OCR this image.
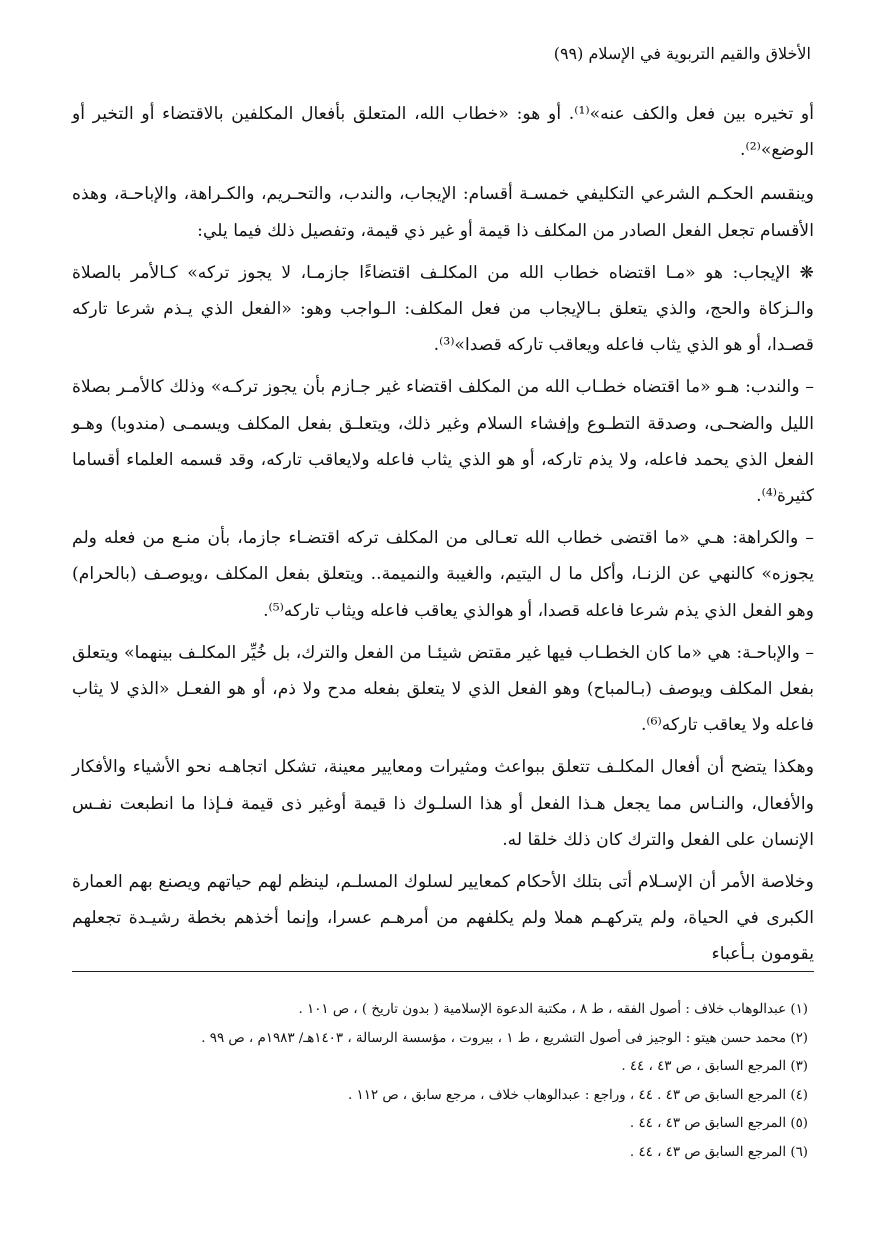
الأخلاق والقيم التربوية في الإسلام (٩٩)

أو تخيره بين فعل والكف عنه»⁽¹⁾. أو هو: «خطاب الله، المتعلق بأفعال المكلفين بالاقتضاء أو التخير أو الوضع»⁽²⁾.

وينقسم الحكـم الشرعي التكليفي خمسـة أقسام: الإيجاب، والندب، والتحـريم، والكـراهة، والإباحـة، وهذه الأقسام تجعل الفعل الصادر من المكلف ذا قيمة أو غير ذي قيمة، وتفصيل ذلك فيما يلي:

❋ الإيجاب: هو «مـا اقتضاه خطاب الله من المكلـف اقتضاءًا جازمـا، لا يجوز تركه» كـالأمر بالصلاة والـزكاة والحج، والذي يتعلق بـالإيجاب من فعل المكلف: الـواجب وهو: «الفعل الذي يـذم شرعا تاركه قصـدا، أو هو الذي يثاب فاعله ويعاقب تاركه قصدا»⁽³⁾.

– والندب: هـو «ما اقتضاه خطـاب الله من المكلف اقتضاء غير جـازم بأن يجوز تركـه» وذلك كالأمـر بصلاة الليل والضحـى، وصدقة التطـوع وإفشاء السلام وغير ذلك، ويتعلـق بفعل المكلف ويسمـى (مندوبا) وهـو الفعل الذي يحمد فاعله، ولا يذم تاركه، أو هو الذي يثاب فاعله ولايعاقب تاركه، وقد قسمه العلماء أقساما كثيرة⁽⁴⁾.

– والكراهة: هـي «ما اقتضى خطاب الله تعـالى من المكلف تركه اقتضـاء جازما، بأن منـع من فعله ولم يجوزه» كالنهي عن الزنـا، وأكل ما ل اليتيم، والغيبة والنميمة.. ويتعلق بفعل المكلف ،ويوصـف (بالحرام) وهو الفعل الذي يذم شرعا فاعله قصدا، أو هوالذي يعاقب فاعله ويثاب تاركه⁽⁵⁾.

– والإباحـة: هي «ما كان الخطـاب فيها غير مقتض شيئـا من الفعل والترك، بل خُيِّر المكلـف بينهما» ويتعلق بفعل المكلف ويوصف (بـالمباح) وهو الفعل الذي لا يتعلق بفعله مدح ولا ذم، أو هو الفعـل «الذي لا يثاب فاعله ولا يعاقب تاركه⁽⁶⁾.

وهكذا يتضح أن أفعال المكلـف تتعلق ببواعث ومثيرات ومعايير معينة، تشكل اتجاهـه نحو الأشياء والأفكار والأفعال، والنـاس مما يجعل هـذا الفعل أو هذا السلـوك ذا قيمة أوغير ذى قيمة فـإذا ما انطبعت نفـس الإنسان على الفعل والترك كان ذلك خلقا له.

وخلاصة الأمر أن الإسـلام أتى بتلك الأحكام كمعايير لسلوك المسلـم، لينظم لهم حياتهم ويصنع بهم العمارة الكبرى في الحياة، ولم يتركهـم هملا ولم يكلفهم من أمرهـم عسرا، وإنما أخذهم بخطة رشيـدة تجعلهم يقومون بـأعباء

(١) عبدالوهاب خلاف : أصول الفقه ، ط ٨ ، مكتبة الدعوة الإسلامية ( بدون تاريخ ) ، ص ١٠١ .
(٢) محمد حسن هيتو : الوجيز فى أصول التشريع ، ط ١ ، بيروت ، مؤسسة الرسالة ، ١٤٠٣هـ/ ١٩٨٣م ، ص ٩٩ .
(٣) المرجع السابق ، ص ٤٣ ، ٤٤ .
(٤) المرجع السابق ص ٤٣ . ٤٤ ، وراجع : عبدالوهاب خلاف ، مرجع سابق ، ص ١١٢ .
(٥) المرجع السابق ص ٤٣ ، ٤٤ .
(٦) المرجع السابق ص ٤٣ ، ٤٤ .
